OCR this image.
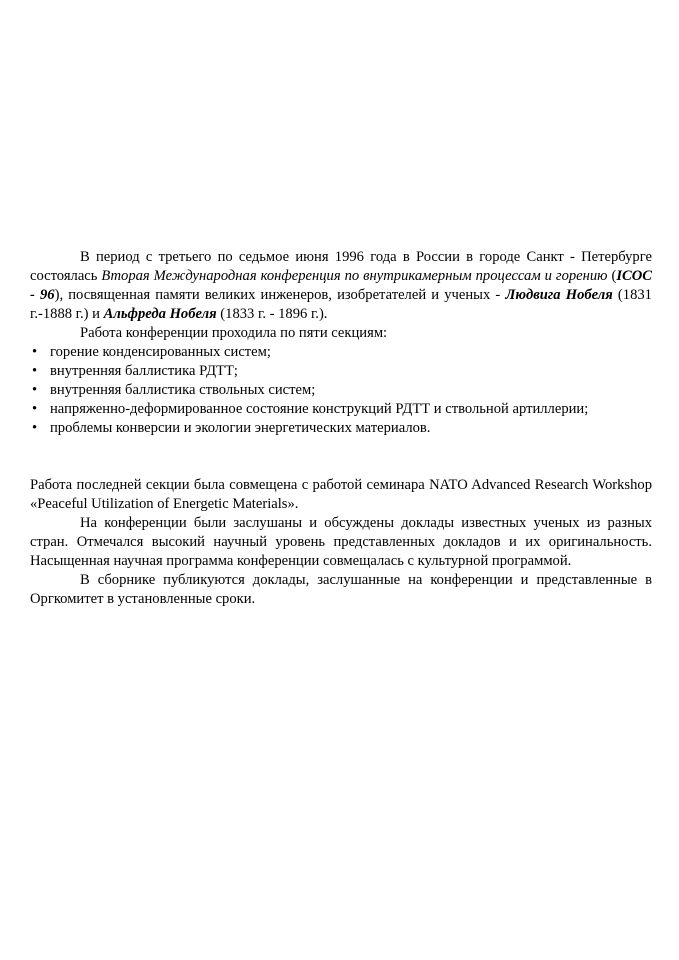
В период с третьего по седьмое июня 1996 года в России в городе Санкт - Петербурге состоялась Вторая Международная конференция по внутрикамерным процессам и горению (ICOC - 96), посвященная памяти великих инженеров, изобретателей и ученых - Людвига Нобеля (1831 г.-1888 г.) и Альфреда Нобеля (1833 г. - 1896 г.).

Работа конференции проходила по пяти секциям:

• горение конденсированных систем;
• внутренняя баллистика РДТТ;
• внутренняя баллистика ствольных систем;
• напряженно-деформированное состояние конструкций РДТТ и ствольной артиллерии;
• проблемы конверсии и экологии энергетических материалов.

Работа последней секции была совмещена с работой семинара NATO Advanced Research Workshop «Peaceful Utilization of Energetic Materials».

На конференции были заслушаны и обсуждены доклады известных ученых из разных стран. Отмечался высокий научный уровень представленных докладов и их оригинальность. Насыщенная научная программа конференции совмещалась с культурной программой.

В сборнике публикуются доклады, заслушанные на конференции и представленные в Оргкомитет в установленные сроки.
